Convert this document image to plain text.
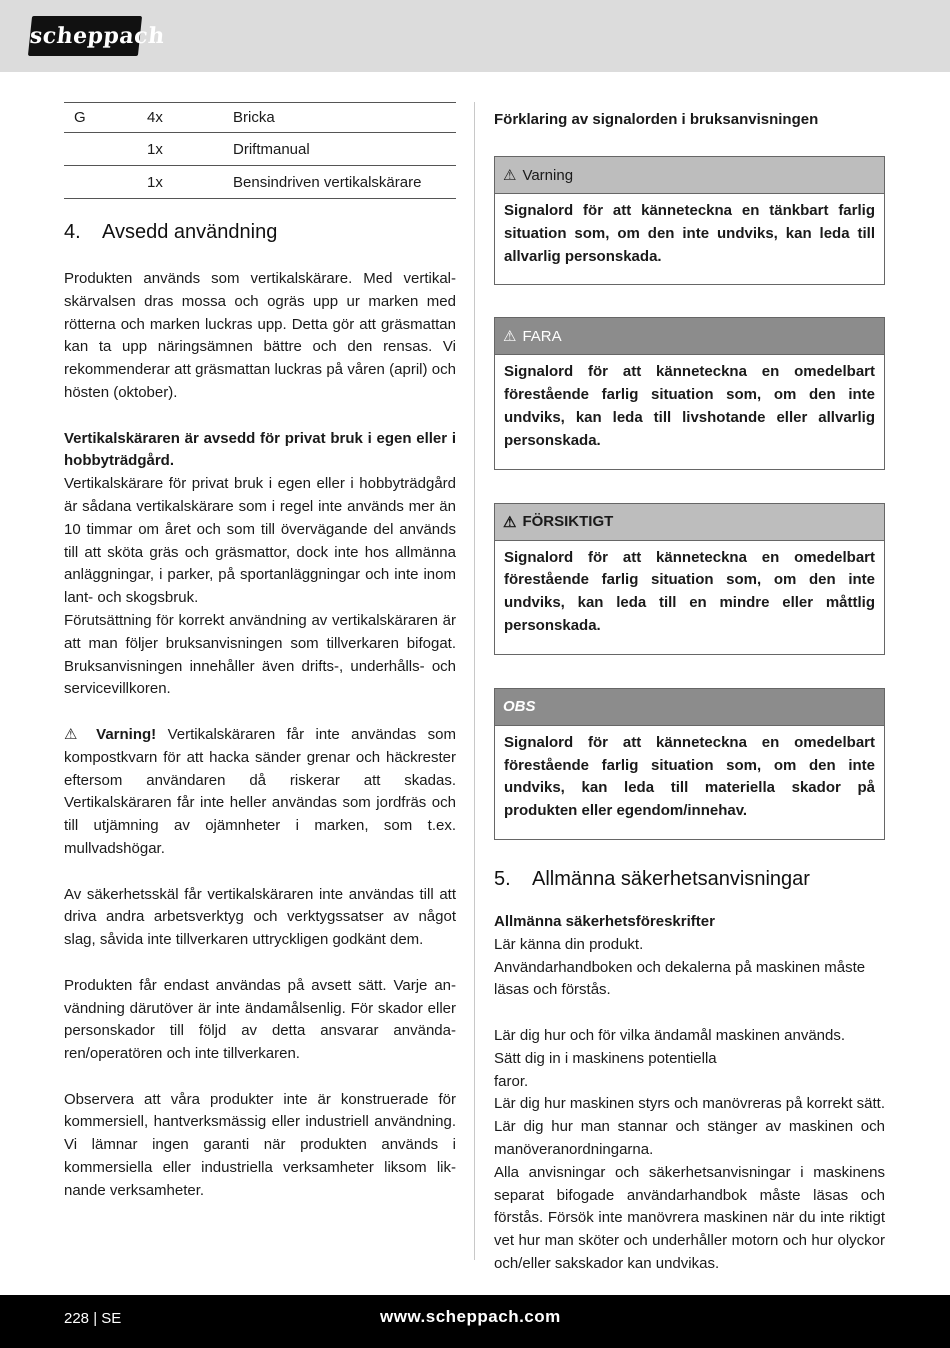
scheppach
G	4x	Bricka
	1x	Driftmanual
	1x	Bensindriven vertikalskärare
4.	Avsedd användning

Produkten används som vertikalskärare. Med vertikalskärvalsen dras mossa och ogräs upp ur marken med rötterna och marken luckras upp. Detta gör att gräsmattan kan ta upp näringsämnen bättre och den rensas. Vi rekommenderar att gräsmattan luckras på våren (april) och hösten (oktober).

Vertikalskäraren är avsedd för privat bruk i egen eller i hobbyträdgård.

Vertikalskärare för privat bruk i egen eller i hobbyträdgård är sådana vertikalskärare som i regel inte används mer än 10 timmar om året och som till övervägande del används till att sköta gräs och gräsmattor, dock inte hos allmänna anläggningar, i parker, på sportanläggningar och inte inom lant- och skogsbruk.

Förutsättning för korrekt användning av vertikalskäraren är att man följer bruksanvisningen som tillverkaren bifogat. Bruksanvisningen innehåller även drifts-, underhålls- och servicevillkoren.

⚠ Varning! Vertikalskäraren får inte användas som kompostkvarn för att hacka sänder grenar och häckrester eftersom användaren då riskerar att skadas. Vertikalskäraren får inte heller användas som jordfräs och till utjämning av ojämnheter i marken, som t.ex. mullvadshögar.

Av säkerhetsskäl får vertikalskäraren inte användas till att driva andra arbetsverktyg och verktygssatser av något slag, såvida inte tillverkaren uttryckligen godkänt dem.

Produkten får endast användas på avsett sätt. Varje användning därutöver är inte ändamålsenlig. För skador eller personskador till följd av detta ansvarar användaren/operatören och inte tillverkaren.

Observera att våra produkter inte är konstruerade för kommersiell, hantverksmässig eller industriell användning. Vi lämnar ingen garanti när produkten används i kommersiella eller industriella verksamheter liksom liknande verksamheter.

Förklaring av signalorden i bruksanvisningen
⚠ Varning
Signalord för att kännetecknа en tänkbart farlig situation som, om den inte undviks, kan leda till allvarlig personskada.
⚠ FARA
Signalord för att känneteckna en omedelbart förestående farlig situation som, om den inte undviks, kan leda till livshotande eller allvarlig personskada.
⚠ FÖRSIKTIGT
Signalord för att känneteckna en omedelbart förestående farlig situation som, om den inte undviks, kan leda till en mindre eller måttlig personskada.
OBS
Signalord för att känneteckna en omedelbart förestående farlig situation som, om den inte undviks, kan leda till materiella skador på produkten eller egendom/innehav.
5.	Allmänna säkerhetsanvisningar
Allmänna säkerhetsföreskrifter

Lär känna din produkt.

Användarhandboken och dekalerna på maskinen måste läsas och förstås.

Lär dig hur och för vilka ändamål maskinen används.

Sätt dig in i maskinens potentiella

faror.

Lär dig hur maskinen styrs och manövreras på korrekt sätt. Lär dig hur man stannar och stänger av maskinen och manöveranordningarna.

Alla anvisningar och säkerhetsanvisningar i maskinens separat bifogade användarhandbok måste läsas och förstås. Försök inte manövrera maskinen när du inte riktigt vet hur man sköter och underhåller motorn och hur olyckor och/eller sakskador kan undvikas.

228 | SE	www.scheppach.com
